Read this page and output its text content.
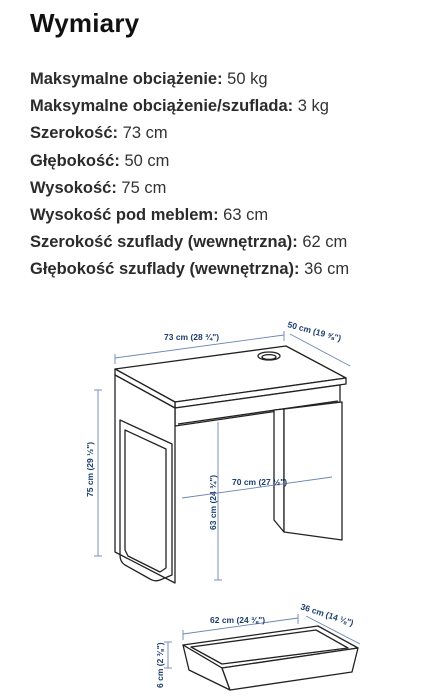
Wymiary
Maksymalne obciążenie: 50 kg
Maksymalne obciążenie/szuflada: 3 kg
Szerokość: 73 cm
Głębokość: 50 cm
Wysokość: 75 cm
Wysokość pod meblem: 63 cm
Szerokość szuflady (wewnętrzna): 62 cm
Głębokość szuflady (wewnętrzna): 36 cm
73 cm (28 ¾")	50 cm (19 ⅝")
75 cm (29 ½")
63 cm (24 ¾") 70 cm (27 ½")
62 cm (24 ⅜")	36 cm (14 ⅛")
6 cm (2 ⅜")
